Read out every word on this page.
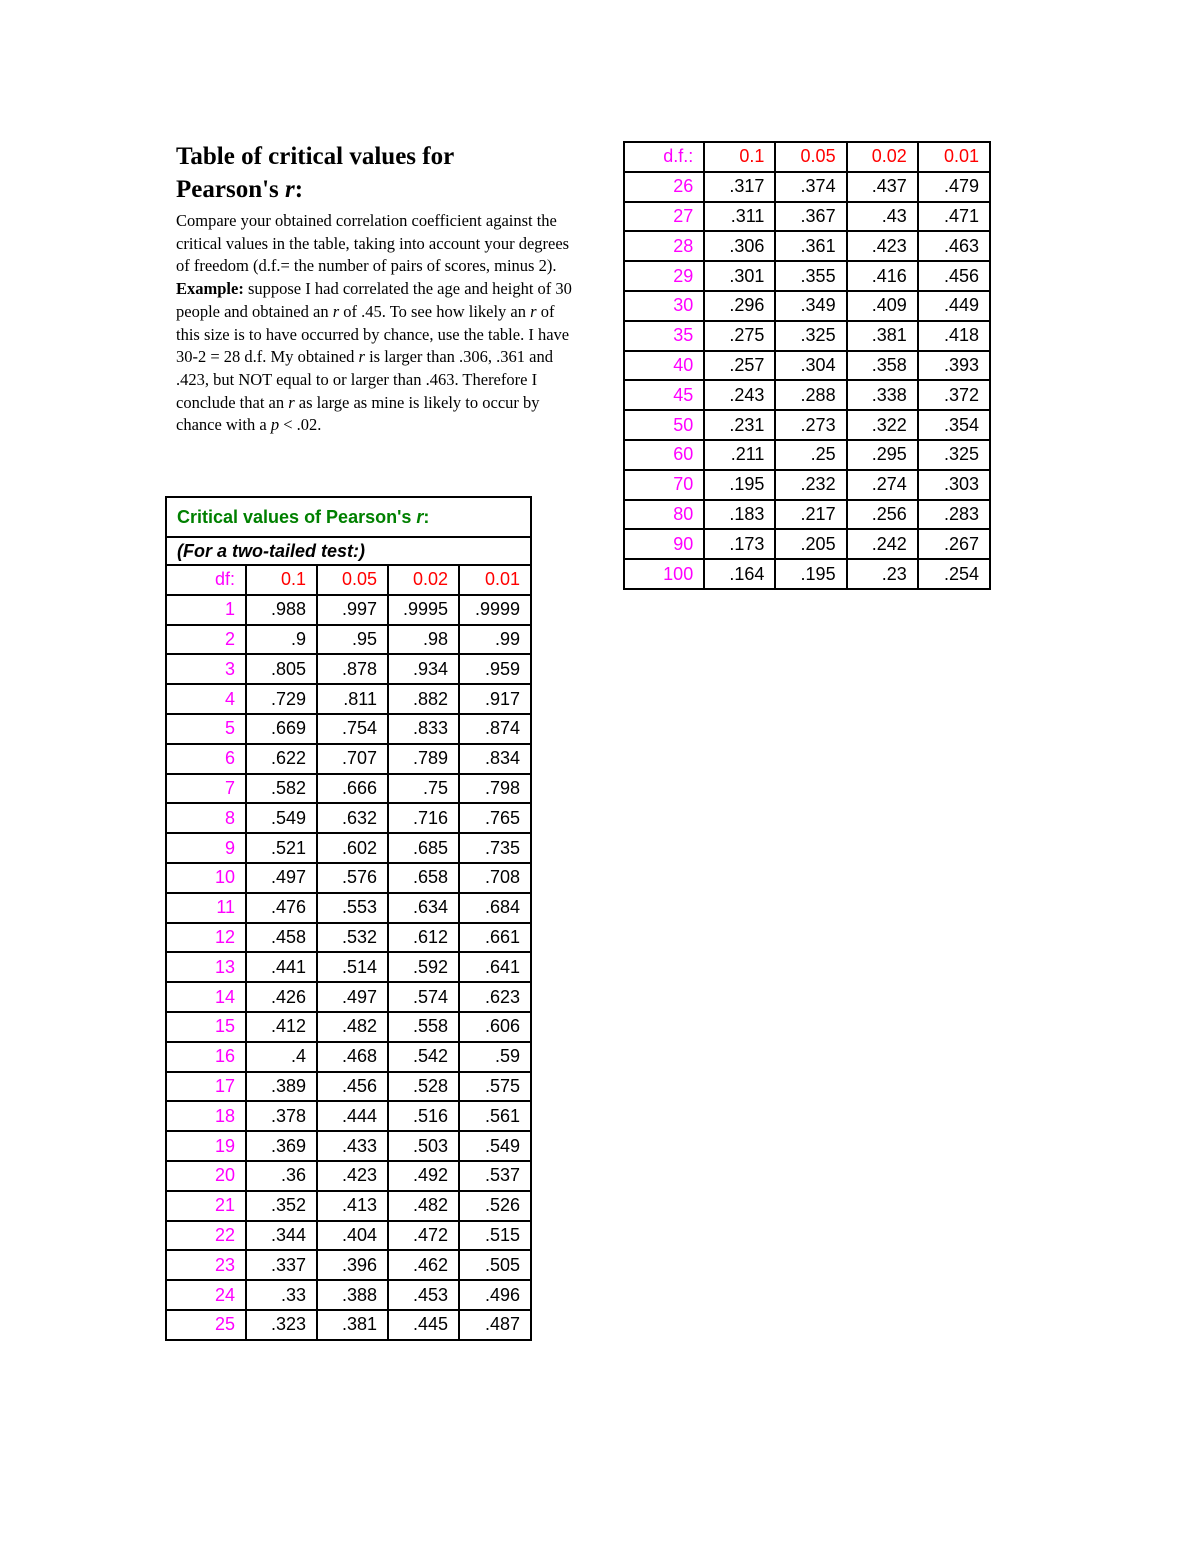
Table of critical values for
Pearson's r:

Compare your obtained correlation coefficient against the critical values in the table, taking into account your degrees of freedom (d.f.= the number of pairs of scores, minus 2).
Example: suppose I had correlated the age and height of 30 people and obtained an r of .45. To see how likely an r of this size is to have occurred by chance, use the table. I have 30-2 = 28 d.f. My obtained r is larger than .306, .361 and .423, but NOT equal to or larger than .463. Therefore I conclude that an r as large as mine is likely to occur by chance with a p < .02.

Critical values of Pearson's r:				
(For a two-tailed test:)				
df:	0.1	0.05	0.02	0.01
1	.988	.997	.9995	.9999
2	.9	.95	.98	.99
3	.805	.878	.934	.959
4	.729	.811	.882	.917
5	.669	.754	.833	.874
6	.622	.707	.789	.834
7	.582	.666	.75	.798
8	.549	.632	.716	.765
9	.521	.602	.685	.735
10	.497	.576	.658	.708
11	.476	.553	.634	.684
12	.458	.532	.612	.661
13	.441	.514	.592	.641
14	.426	.497	.574	.623
15	.412	.482	.558	.606
16	.4	.468	.542	.59
17	.389	.456	.528	.575
18	.378	.444	.516	.561
19	.369	.433	.503	.549
20	.36	.423	.492	.537
21	.352	.413	.482	.526
22	.344	.404	.472	.515
23	.337	.396	.462	.505
24	.33	.388	.453	.496
25	.323	.381	.445	.487
d.f.:	0.1	0.05	0.02	0.01
26	.317	.374	.437	.479
27	.311	.367	.43	.471
28	.306	.361	.423	.463
29	.301	.355	.416	.456
30	.296	.349	.409	.449
35	.275	.325	.381	.418
40	.257	.304	.358	.393
45	.243	.288	.338	.372
50	.231	.273	.322	.354
60	.211	.25	.295	.325
70	.195	.232	.274	.303
80	.183	.217	.256	.283
90	.173	.205	.242	.267
100	.164	.195	.23	.254
